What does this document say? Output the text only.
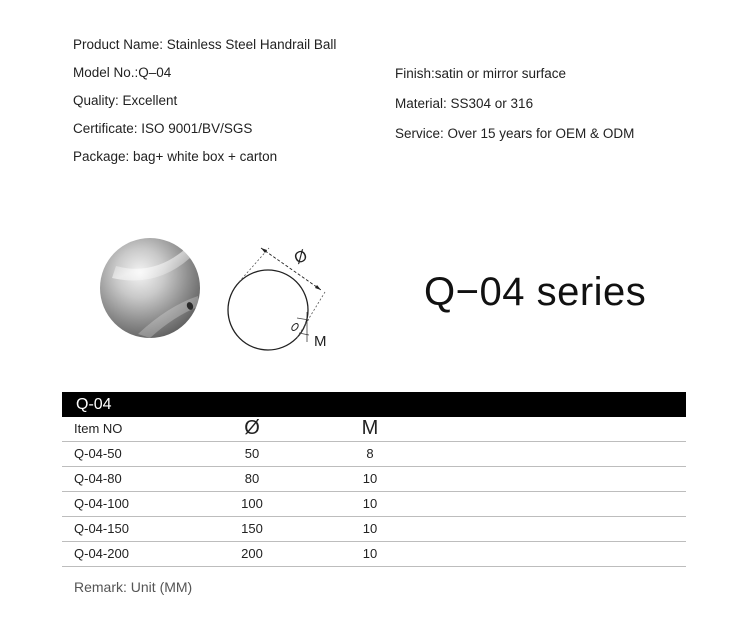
Product Name: Stainless Steel Handrail Ball
Model No.:Q–04
Quality: Excellent
Certificate: ISO 9001/BV/SGS
Package: bag+ white box + carton
Finish:satin or mirror surface
Material: SS304 or 316
Service: Over 15 years for OEM & ODM
Ø
M
Q−04 series
Q-04
Item NO	Ø	M
Q-04-50	50	8
Q-04-80	80	10
Q-04-100	100	10
Q-04-150	150	10
Q-04-200	200	10
Remark: Unit (MM)
